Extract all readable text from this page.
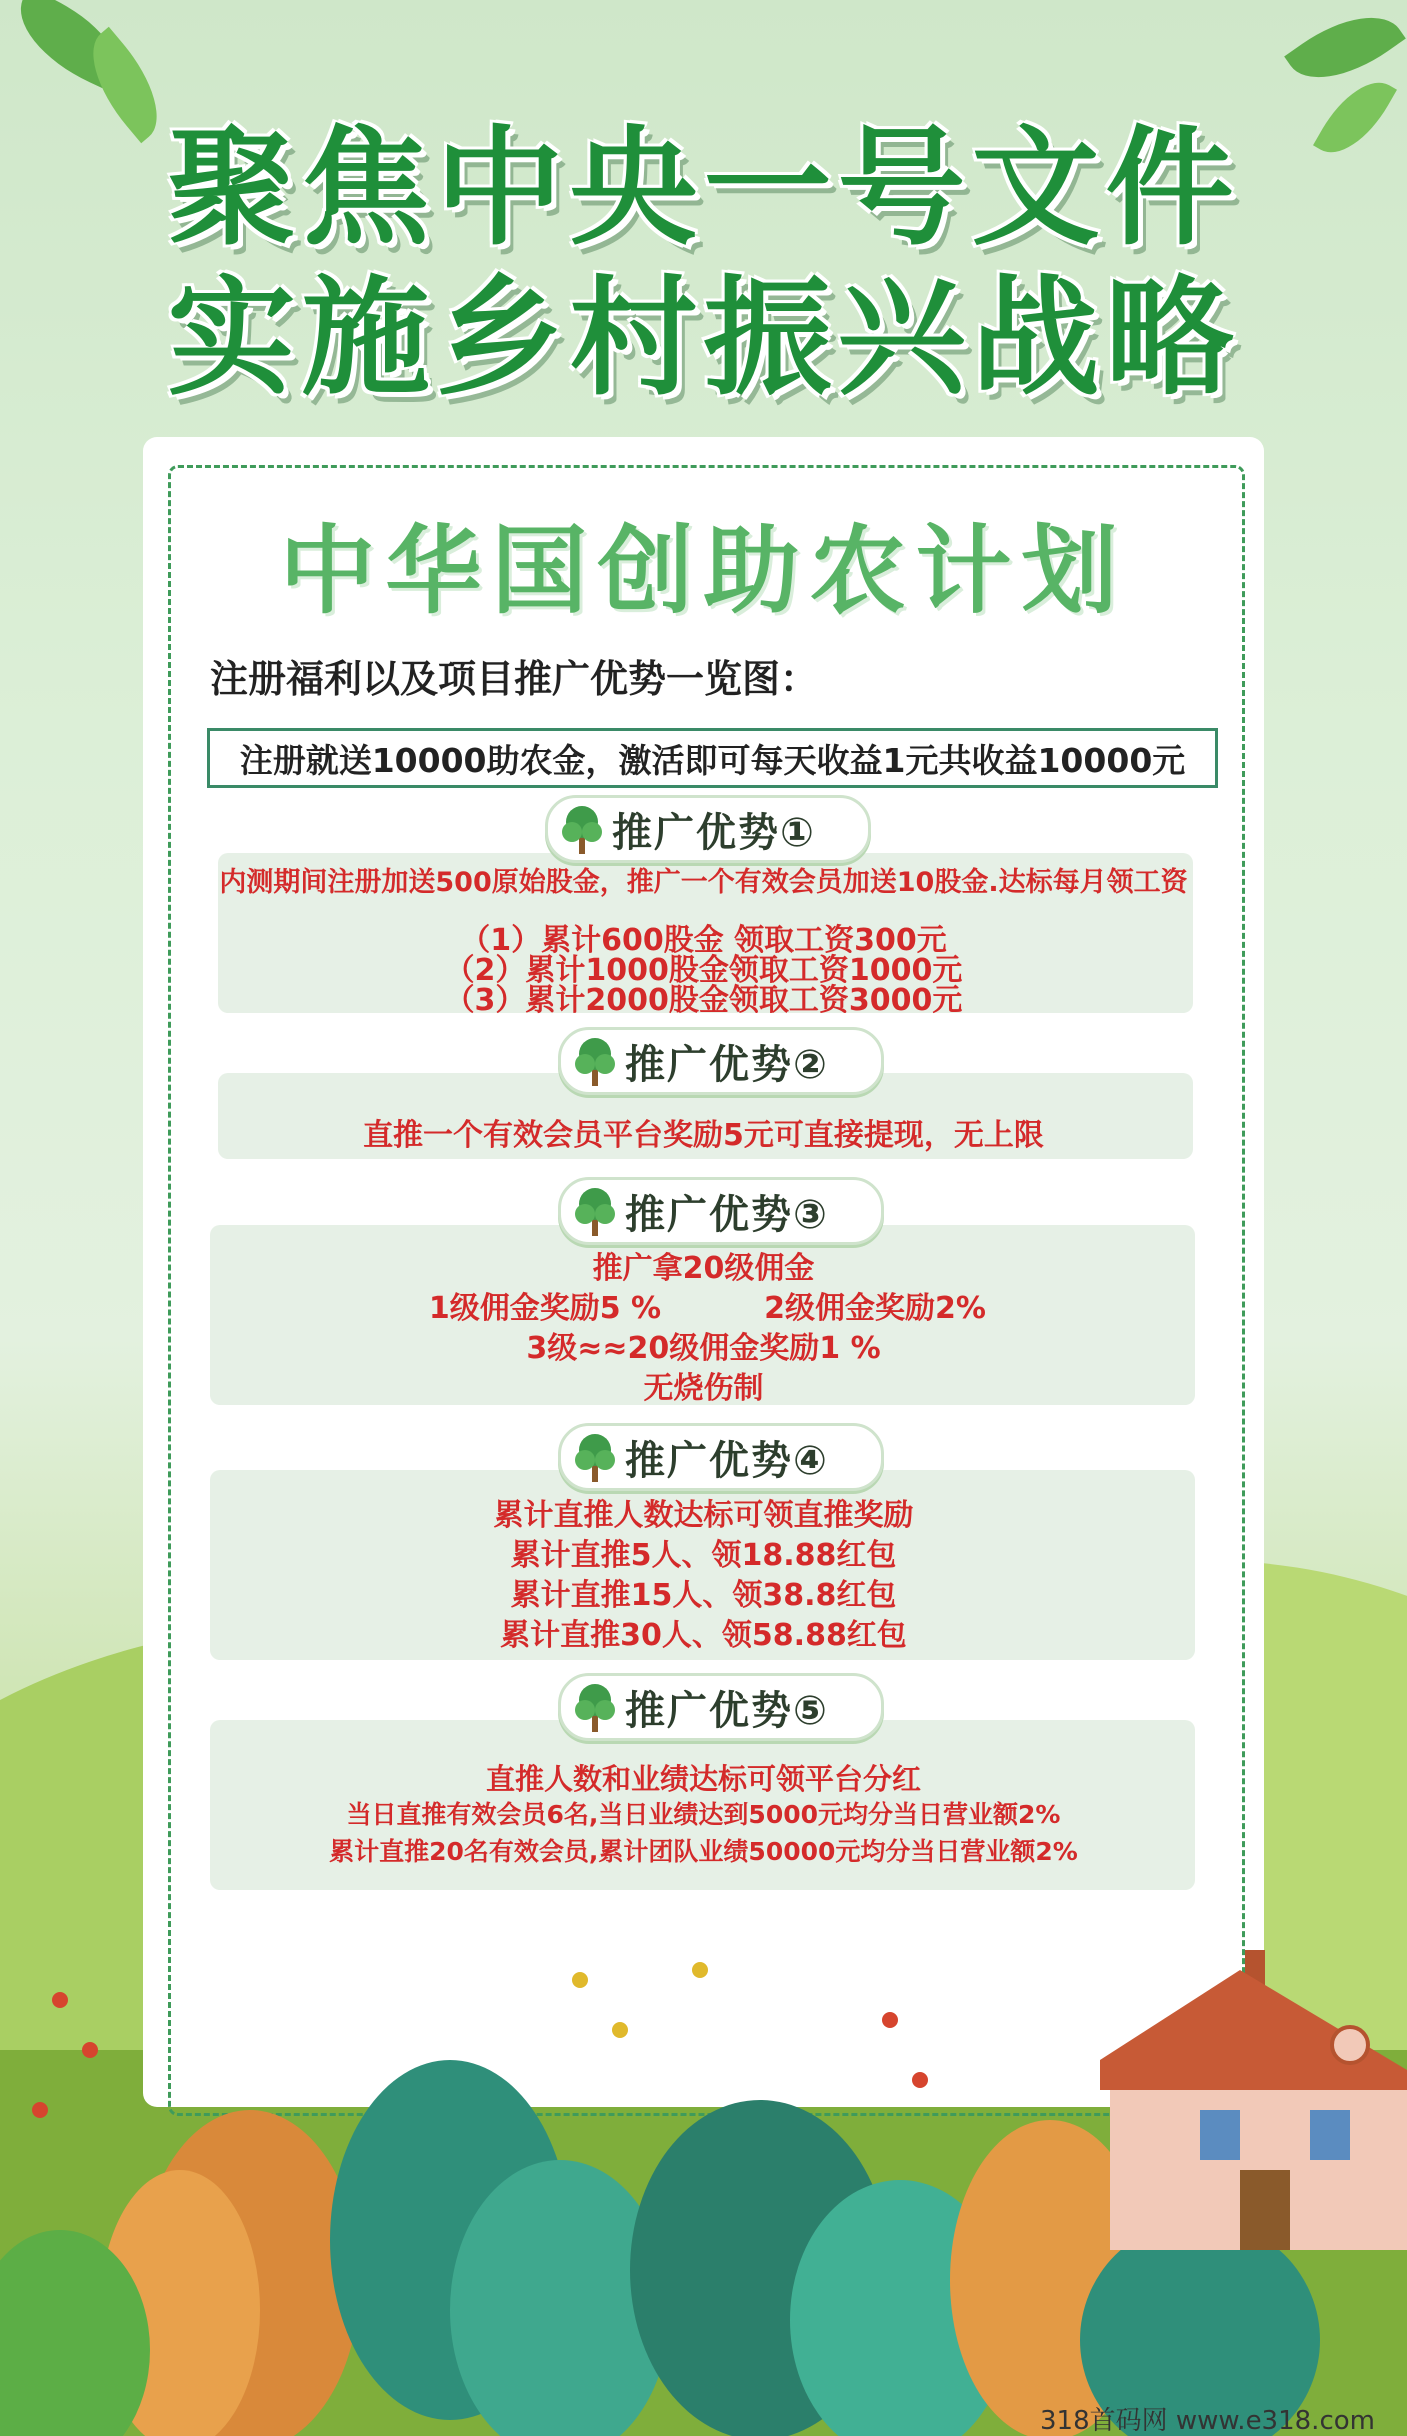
聚焦中央一号文件
实施乡村振兴战略
中华国创助农计划
注册福利以及项目推广优势一览图：
注册就送10000助农金，激活即可每天收益1元共收益10000元
推广优势①
内测期间注册加送500原始股金，推广一个有效会员加送10股金.达标每月领工资
（1）累计600股金 领取工资300元
（2）累计1000股金领取工资1000元
（3）累计2000股金领取工资3000元
推广优势②
直推一个有效会员平台奖励5元可直接提现，无上限
推广优势③
推广拿20级佣金
1级佣金奖励5 %	2级佣金奖励2%
3级≈≈20级佣金奖励1 %
无烧伤制
推广优势④
累计直推人数达标可领直推奖励
累计直推5人、领18.88红包
累计直推15人、领38.8红包
累计直推30人、领58.88红包
推广优势⑤
直推人数和业绩达标可领平台分红
当日直推有效会员6名,当日业绩达到5000元均分当日营业额2%
累计直推20名有效会员,累计团队业绩50000元均分当日营业额2%
318首码网 www.e318.com
